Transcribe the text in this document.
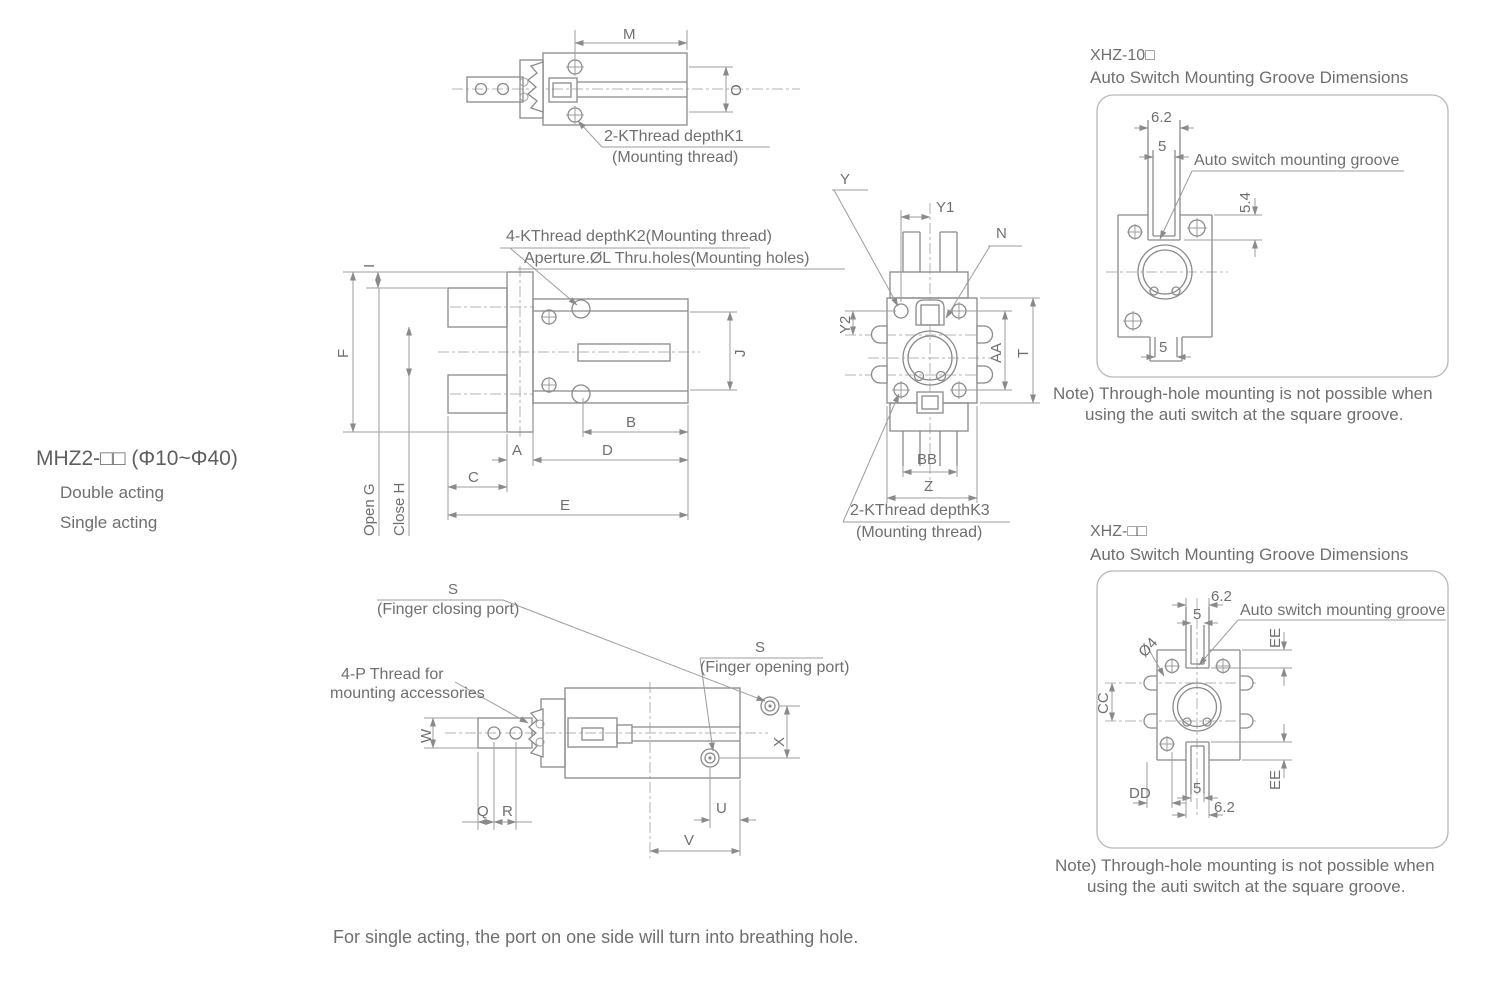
MHZ2-□□ (Φ10~Φ40)
Double acting
Single acting
M
O
2-KThread depthK1
(Mounting thread)
4-KThread depthK2(Mounting thread)
Aperture.ØL Thru.holes(Mounting holes)
I
F	J
A
B
D
C
E
Open G Close H
Y
Y1
N
Y2
AA T
BB
Z
2-KThread depthK3
(Mounting thread)
S
(Finger closing port)
S
(Finger opening port)
4-P Thread for
mounting accessories
W
Q R	U
V
X
XHZ-10□
Auto Switch Mounting Groove Dimensions
6.2
5
Auto switch mounting groove
5.4
5
Note) Through-hole mounting is not possible when
using the auti switch at the square groove.
XHZ-□□
Auto Switch Mounting Groove Dimensions
6.2
5 Auto switch mounting groove
Ø4	EE
CC
EE
DD	5
6.2
Note) Through-hole mounting is not possible when
using the auti switch at the square groove.
For single acting, the port on one side will turn into breathing hole.
